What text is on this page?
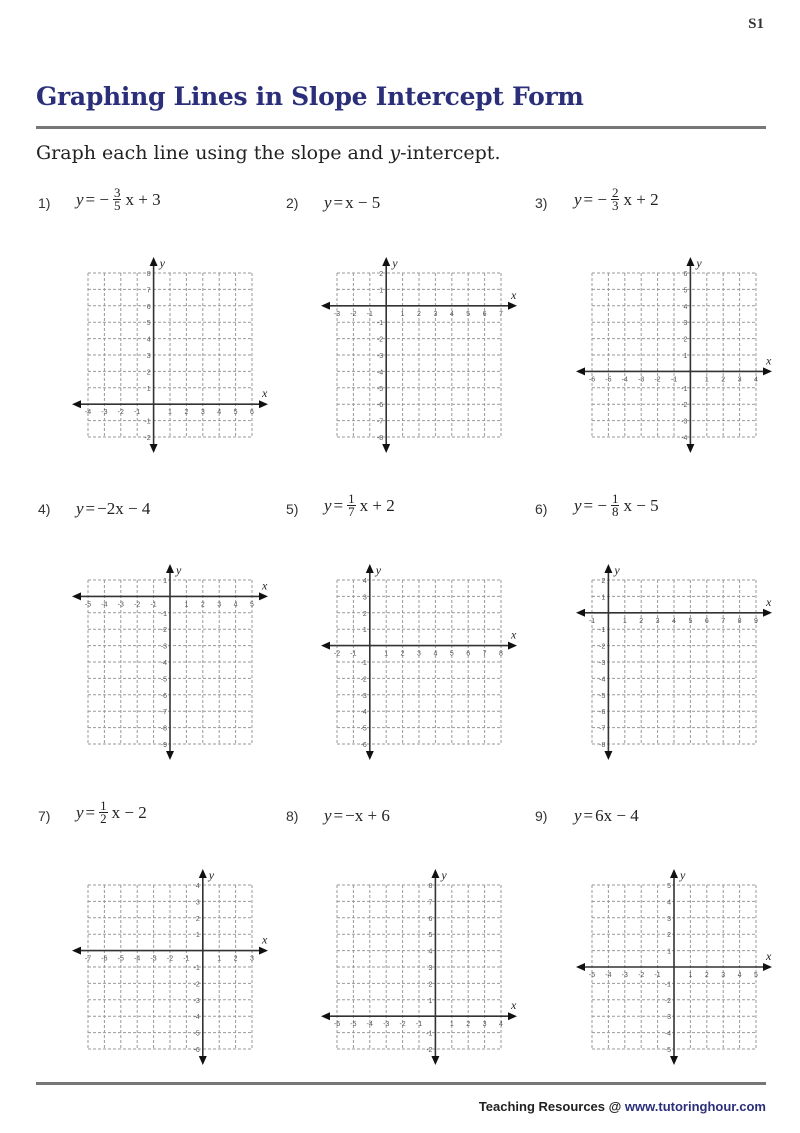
S1
Graphing Lines in Slope Intercept Form
Graph each line using the slope and y-intercept.
1) y = − $\frac{3}{5}$ x + 3
x
y
-4 -3 -2 -1	1 2 3 4 5 6
-2
-1
1
2
3
4
5
6
7
8
2) y = x − 5
x
y
-3 -2 -1	1 2 3 4 5 6 7
-8
-7
-6
-5
-4
-3
-2
-1
1
2
3) y = − $\frac{2}{3}$ x + 2
x
y
-6 -5 -4 -3 -2 -1	1 2 3 4
-4
-3
-2
-1
1
2
3
4
5
6
4) y = −2x − 4
x
y
-5 -4 -3 -2 -1	1 2 3 4 5
-9
-8
-7
-6
-5
-4
-3
-2
-1
1
5) $y = \frac{1}{7}$ x + 2
x
y
-2 -1	1 2 3 4 5 6 7 8
-6
-5
-4
-3
-2
-1
1
2
3
4
6) y = − $\frac{1}{8}$ x − 5
x
y
-1	1 2 3 4 5 6 7 8 9
-8
-7
-6
-5
-4
-3
-2
-1
1
2
7) $y = \frac{1}{2}$ x − 2
x
y
-7 -6 -5 -4 -3 -2 -1	1 2 3
-6
-5
-4
-3
-2
-1
1
2
3
4
8) y = −x + 6
x
y
-6 -5 -4 -3 -2 -1	1 2 3 4
-2
-1
1
2
3
4
5
6
7
8
9) y = 6x − 4
x
y
-5 -4 -3 -2 -1	1 2 3 4 5
-5
-4
-3
-2
-1
1
2
3
4
5
Teaching Resources @ www.tutoringhour.com
